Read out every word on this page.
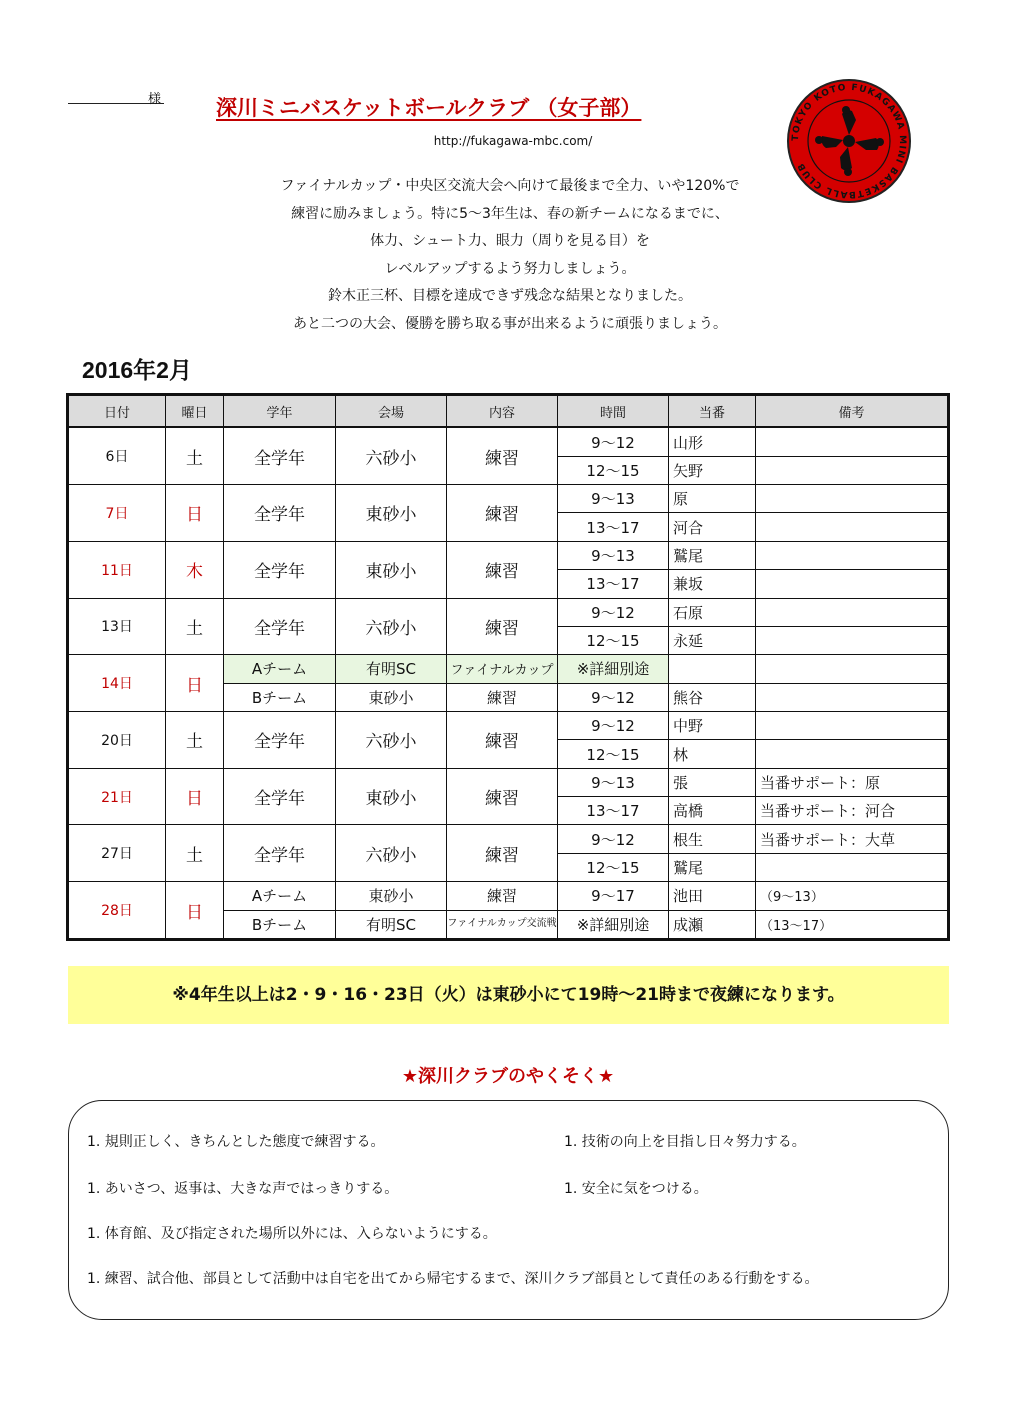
様	深川ミニバスケットボールクラブ （女子部）
http://fukagawa-mbc.com/
ファイナルカップ・中央区交流大会へ向けて最後まで全力、いや120%で
練習に励みましょう。特に5～3年生は、春の新チームになるまでに、
体力、シュート力、眼力（周りを見る目）を
レベルアップするよう努力しましょう。
鈴木正三杯、目標を達成できず残念な結果となりました。
あと二つの大会、優勝を勝ち取る事が出来るように頑張りましょう。
TOKYO KOTO FUKAGAWA MINI BASKETBALL CLUB
2016年2月
日付	曜日	学年	会場	内容	時間	当番	備考
6日	土	全学年	六砂小	練習	9～12	山形	
					12～15	矢野	
7日	日	全学年	東砂小	練習	9～13	原	
					13～17	河合	
11日	木	全学年	東砂小	練習	9～13	鷲尾	
					13～17	兼坂	
13日	土	全学年	六砂小	練習	9～12	石原	
					12～15	永延	
14日	日	Aチーム	有明SC	ファイナルカップ	※詳細別途		
		Bチーム	東砂小	練習	9～12	熊谷	
20日	土	全学年	六砂小	練習	9～12	中野	
					12～15	林	
21日	日	全学年	東砂小	練習	9～13	張	当番サポート：原
					13～17	高橋	当番サポート：河合
27日	土	全学年	六砂小	練習	9～12	根生	当番サポート：大草
					12～15	鷲尾	
28日	日	Aチーム	東砂小	練習	9～17	池田	（9～13）
		Bチーム	有明SC	ファイナルカップ交流戦	※詳細別途	成瀬	（13～17）
※4年生以上は2・9・16・23日（火）は東砂小にて19時～21時まで夜練になります。
★深川クラブのやくそく★
1. 規則正しく、きちんとした態度で練習する。	1. 技術の向上を目指し日々努力する。
1. あいさつ、返事は、大きな声ではっきりする。	1. 安全に気をつける。
1. 体育館、及び指定された場所以外には、入らないようにする。
1. 練習、試合他、部員として活動中は自宅を出てから帰宅するまで、深川クラブ部員として責任のある行動をする。
